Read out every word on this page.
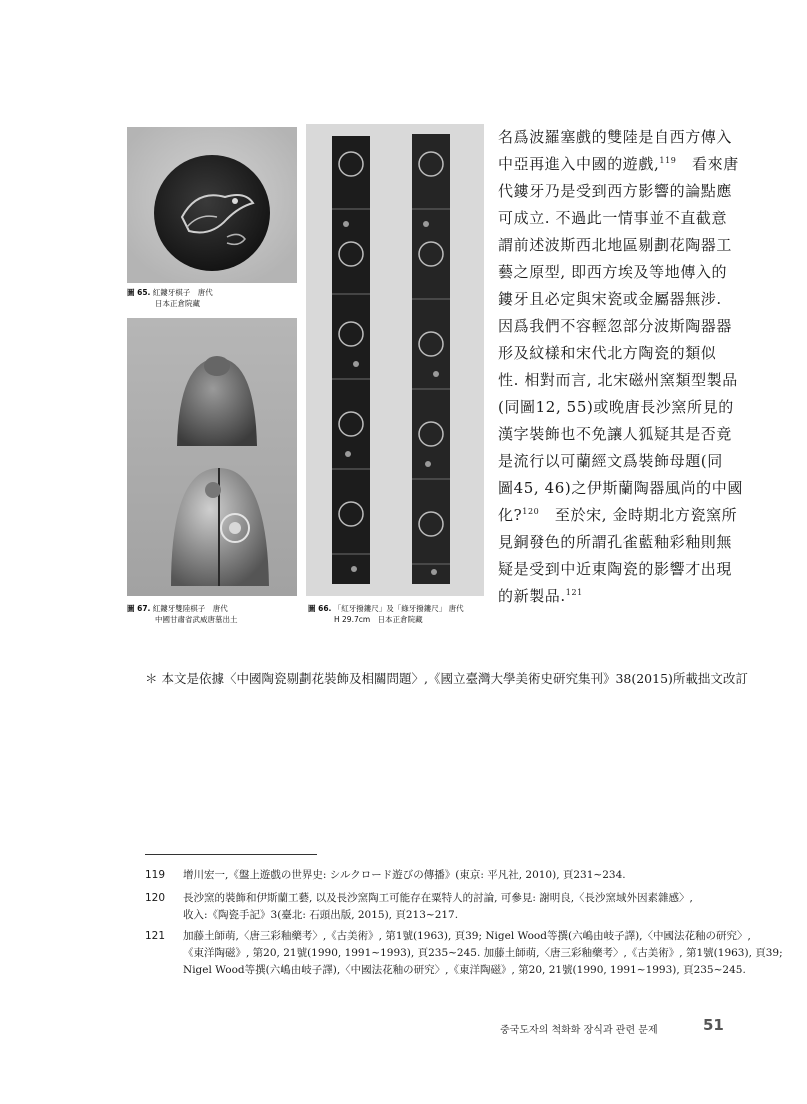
圖 65. 紅鏤牙棋子　唐代
日本正倉院藏
圖 67. 紅鏤牙雙陸棋子　唐代
中國甘肅省武威唐墓出土
圖 66. 「紅牙撥鏤尺」及「綠牙撥鏤尺」 唐代
H 29.7cm　日本正倉院藏
名爲波羅塞戲的雙陸是自西方傳入
中亞再進入中國的遊戲,$^{119}$　看來唐
代鏤牙乃是受到西方影響的論點應
可成立. 不過此一情事並不直截意
謂前述波斯西北地區剔劃花陶器工
藝之原型, 即西方埃及等地傳入的
鏤牙且必定與宋瓷或金屬器無涉.
因爲我們不容輕忽部分波斯陶器器
形及紋樣和宋代北方陶瓷的類似
性. 相對而言, 北宋磁州窯類型製品
(同圖12, 55)或晚唐長沙窯所見的
漢字裝飾也不免讓人狐疑其是否竟
是流行以可蘭經文爲裝飾母題(同
圖45, 46)之伊斯蘭陶器風尚的中國
化?$^{120}$　至於宋, 金時期北方瓷窯所
見銅發色的所謂孔雀藍釉彩釉則無
疑是受到中近東陶瓷的影響才出現
的新製品.$^{121}$
＊ 本文是依據〈中國陶瓷剔劃花裝飾及相關問題〉,《國立臺灣大學美術史研究集刊》38(2015)所載拙文改訂
119	增川宏一,《盤上遊戲の世界史: シルクロード遊びの傳播》(東京: 平凡社, 2010), 頁231∼234.
120	長沙窯的裝飾和伊斯蘭工藝, 以及長沙窯陶工可能存在粟特人的討論, 可參見: 謝明良,〈長沙窯域外因素雜感〉,
收入:《陶瓷手記》3(臺北: 石頭出版, 2015), 頁213∼217.
121	加藤土師萌,〈唐三彩釉藥考〉,《古美術》, 第1號(1963), 頁39; Nigel Wood等撰(六嶋由岐子譯),〈中國法花釉の研究〉,
《東洋陶磁》, 第20, 21號(1990, 1991∼1993), 頁235∼245. 加藤土師萌,〈唐三彩釉藥考〉,《古美術》, 第1號(1963), 頁39;
Nigel Wood等撰(六嶋由岐子譯),〈中國法花釉の研究〉,《東洋陶磁》, 第20, 21號(1990, 1991∼1993), 頁235∼245.
중국도자의 척화화 장식과 관련 문제	51
